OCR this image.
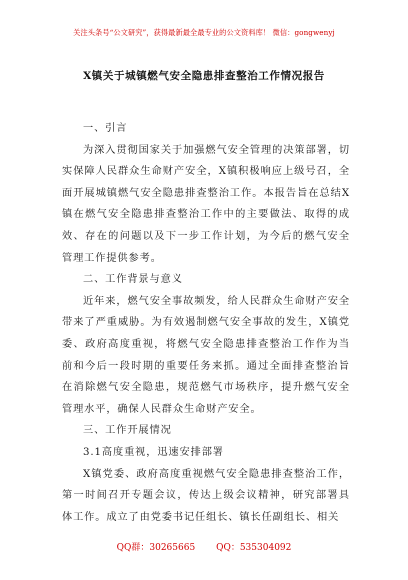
关注头条号“公文研究”，获得最新最全最专业的公文资料库！ 微信：gongwenyj
X镇关于城镇燃气安全隐患排查整治工作情况报告
一、引言
为深入贯彻国家关于加强燃气安全管理的决策部署，切实保障人民群众生命财产安全，X镇积极响应上级号召，全面开展城镇燃气安全隐患排查整治工作。本报告旨在总结X镇在燃气安全隐患排查整治工作中的主要做法、取得的成效、存在的问题以及下一步工作计划，为今后的燃气安全管理工作提供参考。
二、工作背景与意义
近年来，燃气安全事故频发，给人民群众生命财产安全带来了严重威胁。为有效遏制燃气安全事故的发生，X镇党委、政府高度重视，将燃气安全隐患排查整治工作作为当前和今后一段时期的重要任务来抓。通过全面排查整治旨在消除燃气安全隐患，规范燃气市场秩序，提升燃气安全管理水平，确保人民群众生命财产安全。
三、工作开展情况
3.1高度重视，迅速安排部署
X镇党委、政府高度重视燃气安全隐患排查整治工作，第一时间召开专题会议，传达上级会议精神，研究部署具体工作。成立了由党委书记任组长、镇长任副组长、相关
QQ群：30265665 QQ：535304092
